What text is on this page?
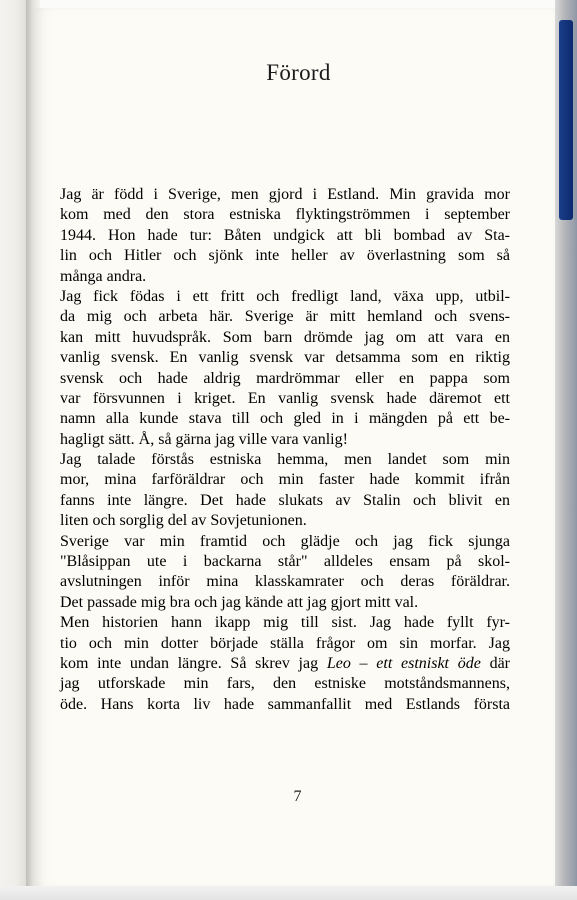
Förord
Jag är född i Sverige, men gjord i Estland. Min gravida mor
kom med den stora estniska flyktingströmmen i september
1944. Hon hade tur: Båten undgick att bli bombad av Sta-
lin och Hitler och sjönk inte heller av överlastning som så
många andra.
Jag fick födas i ett fritt och fredligt land, växa upp, utbil-
da mig och arbeta här. Sverige är mitt hemland och svens-
kan mitt huvudspråk. Som barn drömde jag om att vara en
vanlig svensk. En vanlig svensk var detsamma som en riktig
svensk och hade aldrig mardrömmar eller en pappa som
var försvunnen i kriget. En vanlig svensk hade däremot ett
namn alla kunde stava till och gled in i mängden på ett be-
hagligt sätt. Å, så gärna jag ville vara vanlig!
Jag talade förstås estniska hemma, men landet som min
mor, mina farföräldrar och min faster hade kommit ifrån
fanns inte längre. Det hade slukats av Stalin och blivit en
liten och sorglig del av Sovjetunionen.
Sverige var min framtid och glädje och jag fick sjunga
"Blåsippan ute i backarna står" alldeles ensam på skol-
avslutningen inför mina klasskamrater och deras föräldrar.
Det passade mig bra och jag kände att jag gjort mitt val.
Men historien hann ikapp mig till sist. Jag hade fyllt fyr-
tio och min dotter började ställa frågor om sin morfar. Jag
kom inte undan längre. Så skrev jag Leo – ett estniskt öde där
jag utforskade min fars, den estniske motståndsmannens,
öde. Hans korta liv hade sammanfallit med Estlands första
7
